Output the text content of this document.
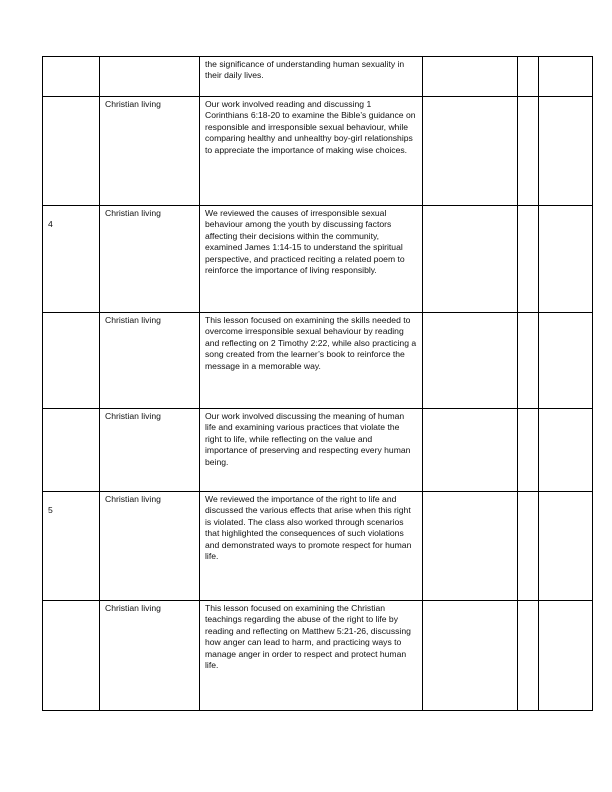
		the significance of understanding human sexuality in their daily lives.			
	Christian living	Our work involved reading and discussing 1 Corinthians 6:18-20 to examine the Bible’s guidance on responsible and irresponsible sexual behaviour, while comparing healthy and unhealthy boy-girl relationships to appreciate the importance of making wise choices.			
4	Christian living	We reviewed the causes of irresponsible sexual behaviour among the youth by discussing factors affecting their decisions within the community, examined James 1:14-15 to understand the spiritual perspective, and practiced reciting a related poem to reinforce the importance of living responsibly.			
	Christian living	This lesson focused on examining the skills needed to overcome irresponsible sexual behaviour by reading and reflecting on 2 Timothy 2:22, while also practicing a song created from the learner’s book to reinforce the message in a memorable way.			
	Christian living	Our work involved discussing the meaning of human life and examining various practices that violate the right to life, while reflecting on the value and importance of preserving and respecting every human being.			
5	Christian living	We reviewed the importance of the right to life and discussed the various effects that arise when this right is violated. The class also worked through scenarios that highlighted the consequences of such violations and demonstrated ways to promote respect for human life.			
	Christian living	This lesson focused on examining the Christian teachings regarding the abuse of the right to life by reading and reflecting on Matthew 5:21-26, discussing how anger can lead to harm, and practicing ways to manage anger in order to respect and protect human life.			
